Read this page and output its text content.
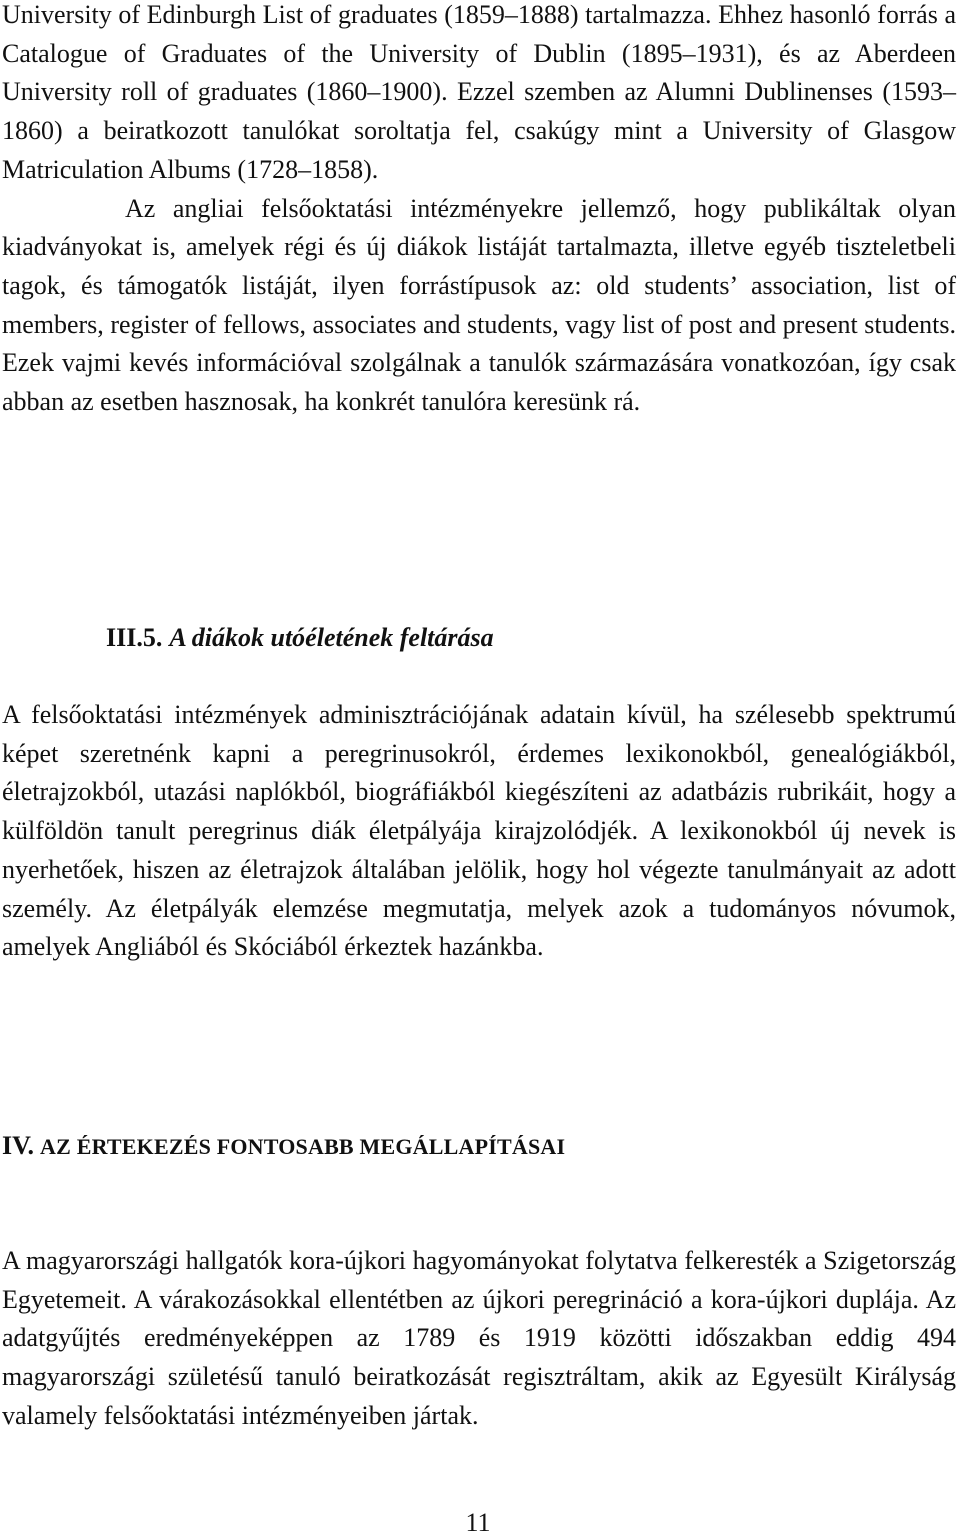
University of Edinburgh List of graduates (1859–1888) tartalmazza. Ehhez hasonló forrás a Catalogue of Graduates of the University of Dublin (1895–1931), és az Aberdeen University roll of graduates (1860–1900). Ezzel szemben az Alumni Dublinenses (1593–1860) a beiratkozott tanulókat soroltatja fel, csakúgy mint a University of Glasgow Matriculation Albums (1728–1858).
Az angliai felsőoktatási intézményekre jellemző, hogy publikáltak olyan kiadványokat is, amelyek régi és új diákok listáját tartalmazta, illetve egyéb tiszteletbeli tagok, és támogatók listáját, ilyen forrástípusok az: old students’ association, list of members, register of fellows, associates and students, vagy list of post and present students. Ezek vajmi kevés információval szolgálnak a tanulók származására vonatkozóan, így csak abban az esetben hasznosak, ha konkrét tanulóra keresünk rá.
III.5. A diákok utóéletének feltárása

A felsőoktatási intézmények adminisztrációjának adatain kívül, ha szélesebb spektrumú képet szeretnénk kapni a peregrinusokról, érdemes lexikonokból, genealógiákból, életrajzokból, utazási naplókból, biográfiákból kiegészíteni az adatbázis rubrikáit, hogy a külföldön tanult peregrinus diák életpályája kirajzolódjék. A lexikonokból új nevek is nyerhetőek, hiszen az életrajzok általában jelölik, hogy hol végezte tanulmányait az adott személy. Az életpályák elemzése megmutatja, melyek azok a tudományos nóvumok, amelyek Angliából és Skóciából érkeztek hazánkba.

IV. AZ ÉRTEKEZÉS FONTOSABB MEGÁLLAPÍTÁSAI

A magyarországi hallgatók kora-újkori hagyományokat folytatva felkeresték a Szigetország Egyetemeit. A várakozásokkal ellentétben az újkori peregrináció a kora-újkori duplája. Az adatgyűjtés eredményeképpen az 1789 és 1919 közötti időszakban eddig 494 magyarországi születésű tanuló beiratkozását regisztráltam, akik az Egyesült Királyság valamely felsőoktatási intézményeiben jártak.

11
